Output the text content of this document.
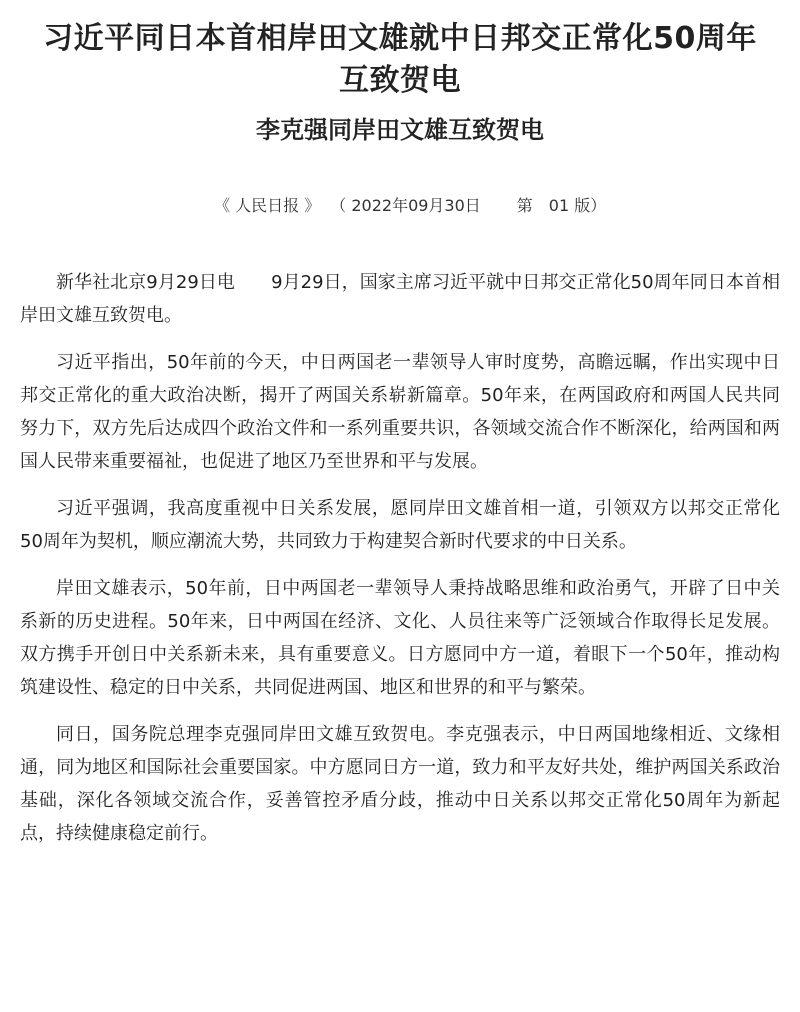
习近平同日本首相岸田文雄就中日邦交正常化50周年互致贺电
李克强同岸田文雄互致贺电

《 人民日报 》 （ 2022年09月30日 第　01 版）

新华社北京9月29日电　　9月29日，国家主席习近平就中日邦交正常化50周年同日本首相岸田文雄互致贺电。

习近平指出，50年前的今天，中日两国老一辈领导人审时度势，高瞻远瞩，作出实现中日邦交正常化的重大政治决断，揭开了两国关系崭新篇章。50年来，在两国政府和两国人民共同努力下，双方先后达成四个政治文件和一系列重要共识，各领域交流合作不断深化，给两国和两国人民带来重要福祉，也促进了地区乃至世界和平与发展。

习近平强调，我高度重视中日关系发展，愿同岸田文雄首相一道，引领双方以邦交正常化50周年为契机，顺应潮流大势，共同致力于构建契合新时代要求的中日关系。

岸田文雄表示，50年前，日中两国老一辈领导人秉持战略思维和政治勇气，开辟了日中关系新的历史进程。50年来，日中两国在经济、文化、人员往来等广泛领域合作取得长足发展。双方携手开创日中关系新未来，具有重要意义。日方愿同中方一道，着眼下一个50年，推动构筑建设性、稳定的日中关系，共同促进两国、地区和世界的和平与繁荣。

同日，国务院总理李克强同岸田文雄互致贺电。李克强表示，中日两国地缘相近、文缘相通，同为地区和国际社会重要国家。中方愿同日方一道，致力和平友好共处，维护两国关系政治基础，深化各领域交流合作，妥善管控矛盾分歧，推动中日关系以邦交正常化50周年为新起点，持续健康稳定前行。
